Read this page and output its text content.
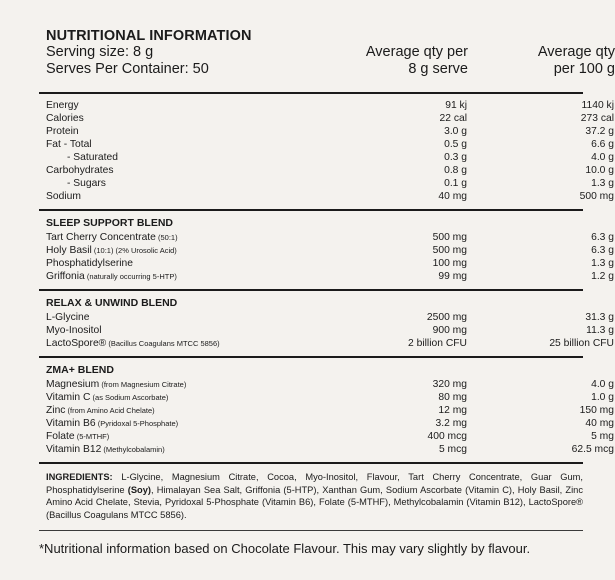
NUTRITIONAL INFORMATION
Serving size: 8 g
Serves Per Container: 50
Average qty per
8 g serve
Average qty
per 100 g
Energy	91 kj	1140 kj
Calories	22 cal	273 cal
Protein	3.0 g	37.2 g
Fat - Total	0.5 g	6.6 g
- Saturated	0.3 g	4.0 g
Carbohydrates	0.8 g	10.0 g
- Sugars	0.1 g	1.3 g
Sodium	40 mg	500 mg
SLEEP SUPPORT BLEND
Tart Cherry Concentrate (50:1)	500 mg	6.3 g
Holy Basil (10:1) (2% Urosolic Acid)	500 mg	6.3 g
Phosphatidylserine	100 mg	1.3 g
Griffonia (naturally occurring 5-HTP)	99 mg	1.2 g
RELAX & UNWIND BLEND
L-Glycine	2500 mg	31.3 g
Myo-Inositol	900 mg	11.3 g
LactoSpore® (Bacillus Coagulans MTCC 5856)	2 billion CFU	25 billion CFU
ZMA+ BLEND
Magnesium (from Magnesium Citrate)	320 mg	4.0 g
Vitamin C (as Sodium Ascorbate)	80 mg	1.0 g
Zinc (from Amino Acid Chelate)	12 mg	150 mg
Vitamin B6 (Pyridoxal 5-Phosphate)	3.2 mg	40 mg
Folate (5-MTHF)	400 mcg	5 mg
Vitamin B12 (Methylcobalamin)	5 mcg	62.5 mcg
INGREDIENTS: L-Glycine, Magnesium Citrate, Cocoa, Myo-Inositol, Flavour, Tart Cherry Concentrate, Guar Gum, Phosphatidylserine (Soy), Himalayan Sea Salt, Griffonia (5-HTP), Xanthan Gum, Sodium Ascorbate (Vitamin C), Holy Basil, Zinc Amino Acid Chelate, Stevia, Pyridoxal 5-Phosphate (Vitamin B6), Folate (5-MTHF), Methylcobalamin (Vitamin B12), LactoSpore® (Bacillus Coagulans MTCC 5856).
*Nutritional information based on Chocolate Flavour. This may vary slightly by flavour.
